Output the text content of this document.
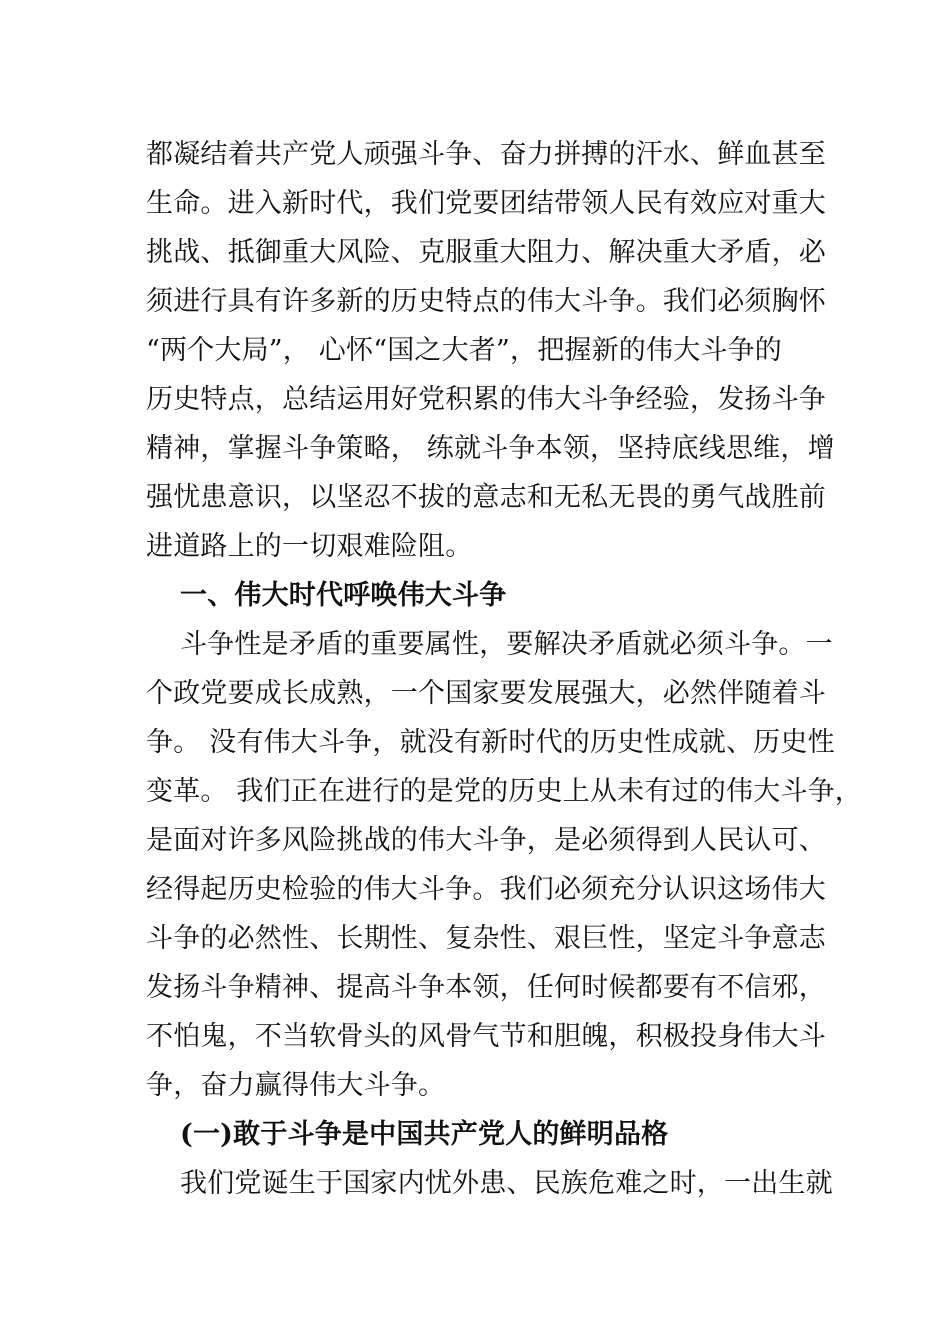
都凝结着共产党人顽强斗争、奋力拼搏的汗水、鲜血甚至
生命。进入新时代，我们党要团结带领人民有效应对重大
挑战、抵御重大风险、克服重大阻力、解决重大矛盾，必
须进行具有许多新的历史特点的伟大斗争。我们必须胸怀
“两个大局”， 心怀“国之大者”，把握新的伟大斗争的
历史特点，总结运用好党积累的伟大斗争经验，发扬斗争
精神，掌握斗争策略， 练就斗争本领，坚持底线思维，增
强忧患意识，以坚忍不拔的意志和无私无畏的勇气战胜前
进道路上的一切艰难险阻。
一、伟大时代呼唤伟大斗争
斗争性是矛盾的重要属性，要解决矛盾就必须斗争。一
个政党要成长成熟，一个国家要发展强大，必然伴随着斗
争。 没有伟大斗争，就没有新时代的历史性成就、历史性
变革。 我们正在进行的是党的历史上从未有过的伟大斗争，
是面对许多风险挑战的伟大斗争，是必须得到人民认可、
经得起历史检验的伟大斗争。我们必须充分认识这场伟大
斗争的必然性、长期性、复杂性、艰巨性，坚定斗争意志
发扬斗争精神、提高斗争本领，任何时候都要有不信邪，
不怕鬼，不当软骨头的风骨气节和胆魄，积极投身伟大斗
争，奋力赢得伟大斗争。
(一)敢于斗争是中国共产党人的鲜明品格
我们党诞生于国家内忧外患、民族危难之时，一出生就
